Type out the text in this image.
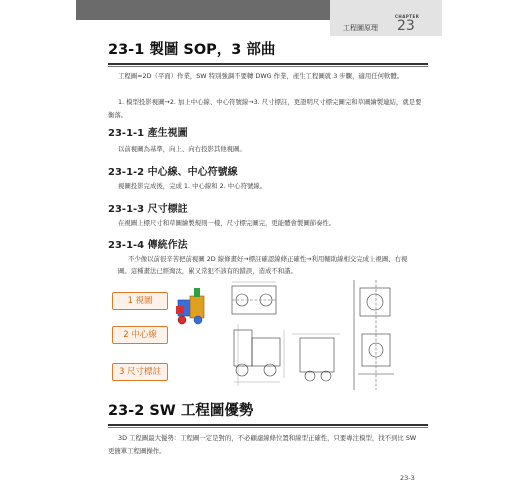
CHAPTER
工程圖原理 23
23-1 製圖 SOP，3 部曲
工程圖=2D（平面）作業，SW 特別強調不要轉 DWG 作業，產生工程圖就 3 步驟，適用任何軟體。
1. 模型投影視圖→2. 加上中心線、中心符號線→3. 尺寸標註，更證明尺寸標完圖完和草圖繪製連結，就是要衡落。
23-1-1 產生視圖
以前視圖為基準，向上、向右投影其他視圖。
23-1-2 中心線、中心符號線
視圖投影完成後，完成 1. 中心線和 2. 中心符號線。
23-1-3 尺寸標註
在視圖上標尺寸和草圖繪製規則一樣，尺寸標完圖完，更能體會製圖節奏性。
23-1-4 傳統作法
不少像以前很辛苦把前視圖 2D 線條畫好→標註確認線條正確性→利用輔助線相交完成上視圖、右視圖。這種畫法已經淘汰，累又常犯不該有的錯誤，造成不和諧。
1 視圖
2 中心線
3 尺寸標註
23-2 SW 工程圖優勢
3D 工程圖最大優勢：工程圖一定是對的，不必顧慮線條位置和線型正確性，只要專注模型，找不到比 SW 更簡單工程圖操作。
23-3
